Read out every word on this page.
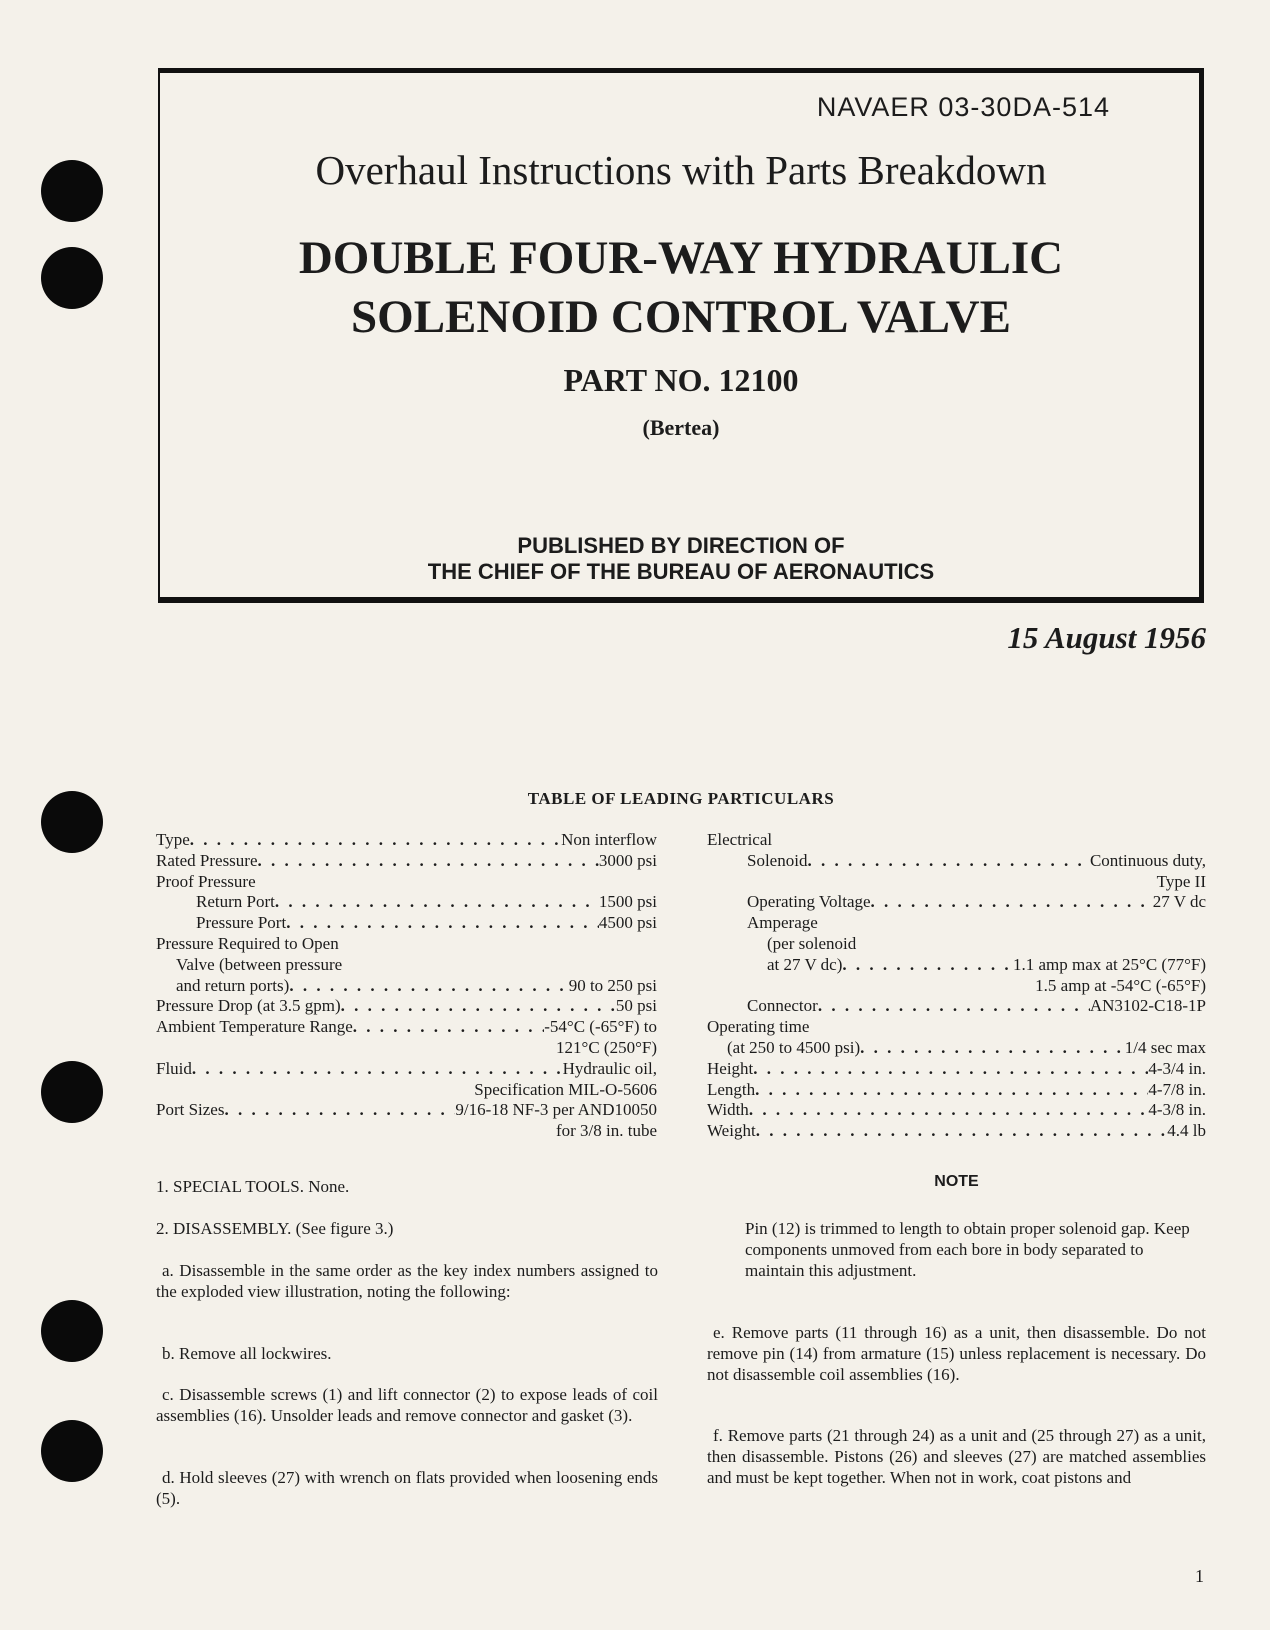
NAVAER 03-30DA-514
Overhaul Instructions with Parts Breakdown
DOUBLE FOUR-WAY HYDRAULIC
SOLENOID CONTROL VALVE
PART NO. 12100
(Bertea)
PUBLISHED BY DIRECTION OF
THE CHIEF OF THE BUREAU OF AERONAUTICS
15 August 1956
TABLE OF LEADING PARTICULARS
Type . . .	Non interflow
Rated Pressure . . .	3000 psi
Proof Pressure
Return Port . . .	1500 psi
Pressure Port . . .	4500 psi
Pressure Required to Open
Valve (between pressure
and return ports) . . .	90 to 250 psi
Pressure Drop (at 3.5 gpm) . . .	50 psi
Ambient Temperature Range . . .	-54°C (-65°F) to
121°C (250°F)
Fluid . . .	Hydraulic oil,
Specification MIL-O-5606
Port Sizes . . .	9/16-18 NF-3 per AND10050
for 3/8 in. tube
Electrical
Solenoid . . .	Continuous duty,
Type II
Operating Voltage . . .	27 V dc
Amperage
(per solenoid
at 27 V dc) . . .	1.1 amp max at 25°C (77°F)
1.5 amp at -54°C (-65°F)
Connector . . .	AN3102-C18-1P
Operating time
(at 250 to 4500 psi) . . .	1/4 sec max
Height . . .	4-3/4 in.
Length . . .	4-7/8 in.
Width . . .	4-3/8 in.
Weight . . .	4.4 lb
1. SPECIAL TOOLS. None.
2. DISASSEMBLY. (See figure 3.)
a. Disassemble in the same order as the key index numbers assigned to the exploded view illustration, noting the following:
b. Remove all lockwires.
c. Disassemble screws (1) and lift connector (2) to expose leads of coil assemblies (16). Unsolder leads and remove connector and gasket (3).
d. Hold sleeves (27) with wrench on flats provided when loosening ends (5).
NOTE
Pin (12) is trimmed to length to obtain proper solenoid gap. Keep components unmoved from each bore in body separated to maintain this adjustment.
e. Remove parts (11 through 16) as a unit, then disassemble. Do not remove pin (14) from armature (15) unless replacement is necessary. Do not disassemble coil assemblies (16).
f. Remove parts (21 through 24) as a unit and (25 through 27) as a unit, then disassemble. Pistons (26) and sleeves (27) are matched assemblies and must be kept together. When not in work, coat pistons and
1
